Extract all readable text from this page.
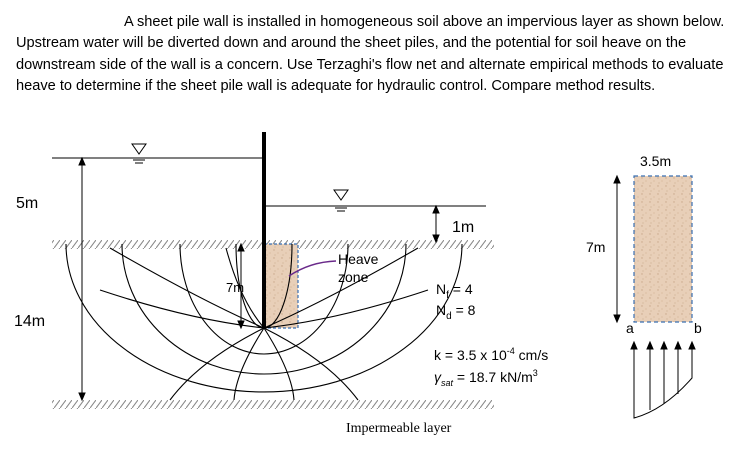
A sheet pile wall is installed in homogeneous soil above an impervious layer as shown below. Upstream water will be diverted down and around the sheet piles, and the potential for soil heave on the downstream side of the wall is a concern. Use Terzaghi's flow net and alternate empirical methods to evaluate heave to determine if the sheet pile wall is adequate for hydraulic control. Compare method results.

5m
14m
1m
7m
Heave
zone
$N_f = 4$
$N_d = 8$
k = 3.5 x $10^{-4}$ cm/s
$\gamma_{sat} = 18.7$ $kN/m^3$
Impermeable layer
3.5m
7m
a	b
